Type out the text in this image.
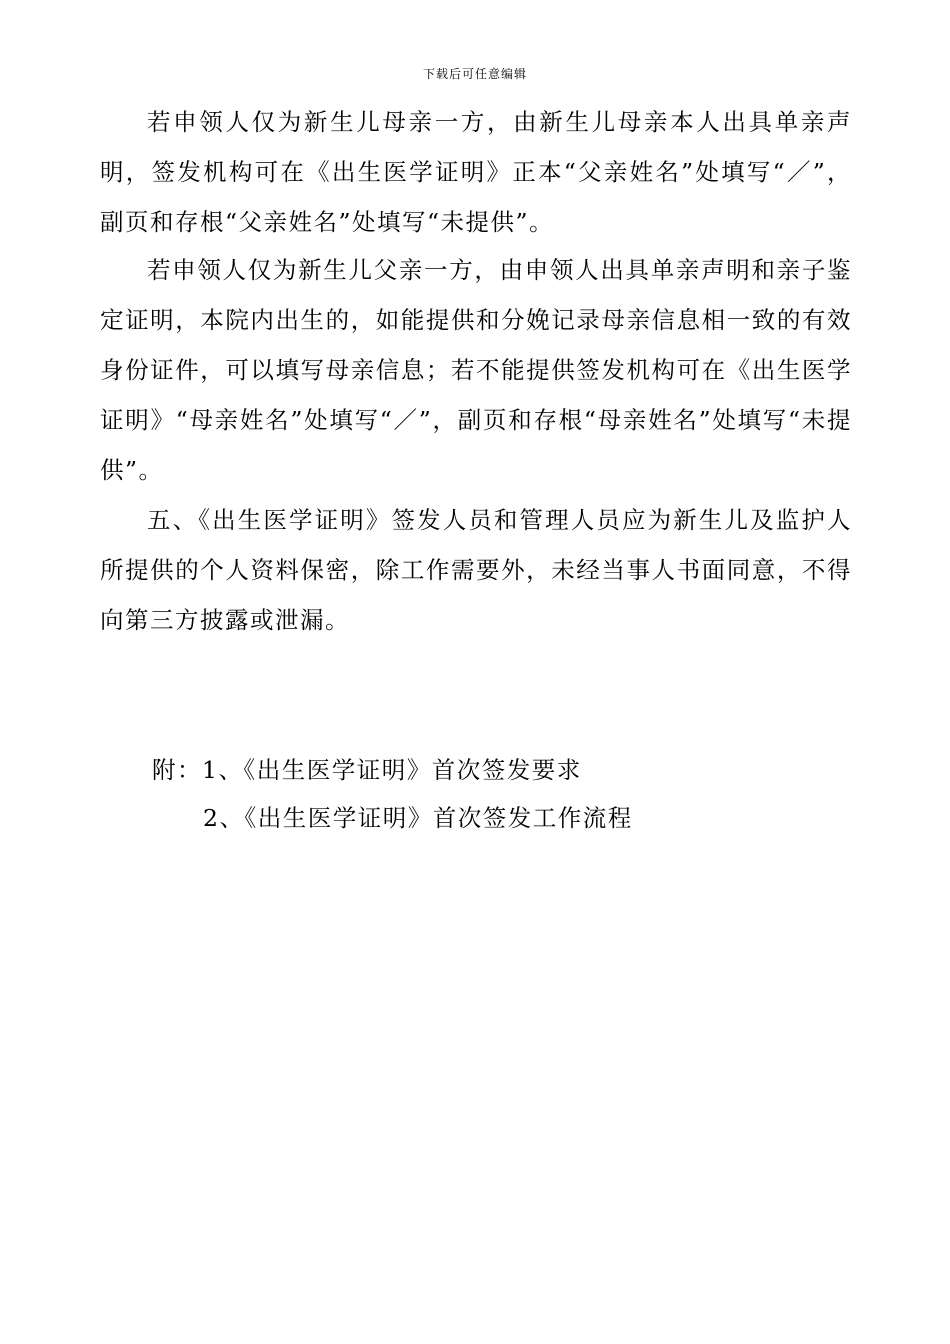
下载后可任意编辑

若申领人仅为新生儿母亲一方，由新生儿母亲本人出具单亲声明，签发机构可在《出生医学证明》正本“父亲姓名”处填写“／”，副页和存根“父亲姓名”处填写“未提供”。

若申领人仅为新生儿父亲一方，由申领人出具单亲声明和亲子鉴定证明，本院内出生的，如能提供和分娩记录母亲信息相一致的有效身份证件，可以填写母亲信息；若不能提供签发机构可在《出生医学证明》“母亲姓名”处填写“／”，副页和存根“母亲姓名”处填写“未提供”。

五、《出生医学证明》签发人员和管理人员应为新生儿及监护人所提供的个人资料保密，除工作需要外，未经当事人书面同意，不得向第三方披露或泄漏。

附：1、《出生医学证明》首次签发要求
2、《出生医学证明》首次签发工作流程
